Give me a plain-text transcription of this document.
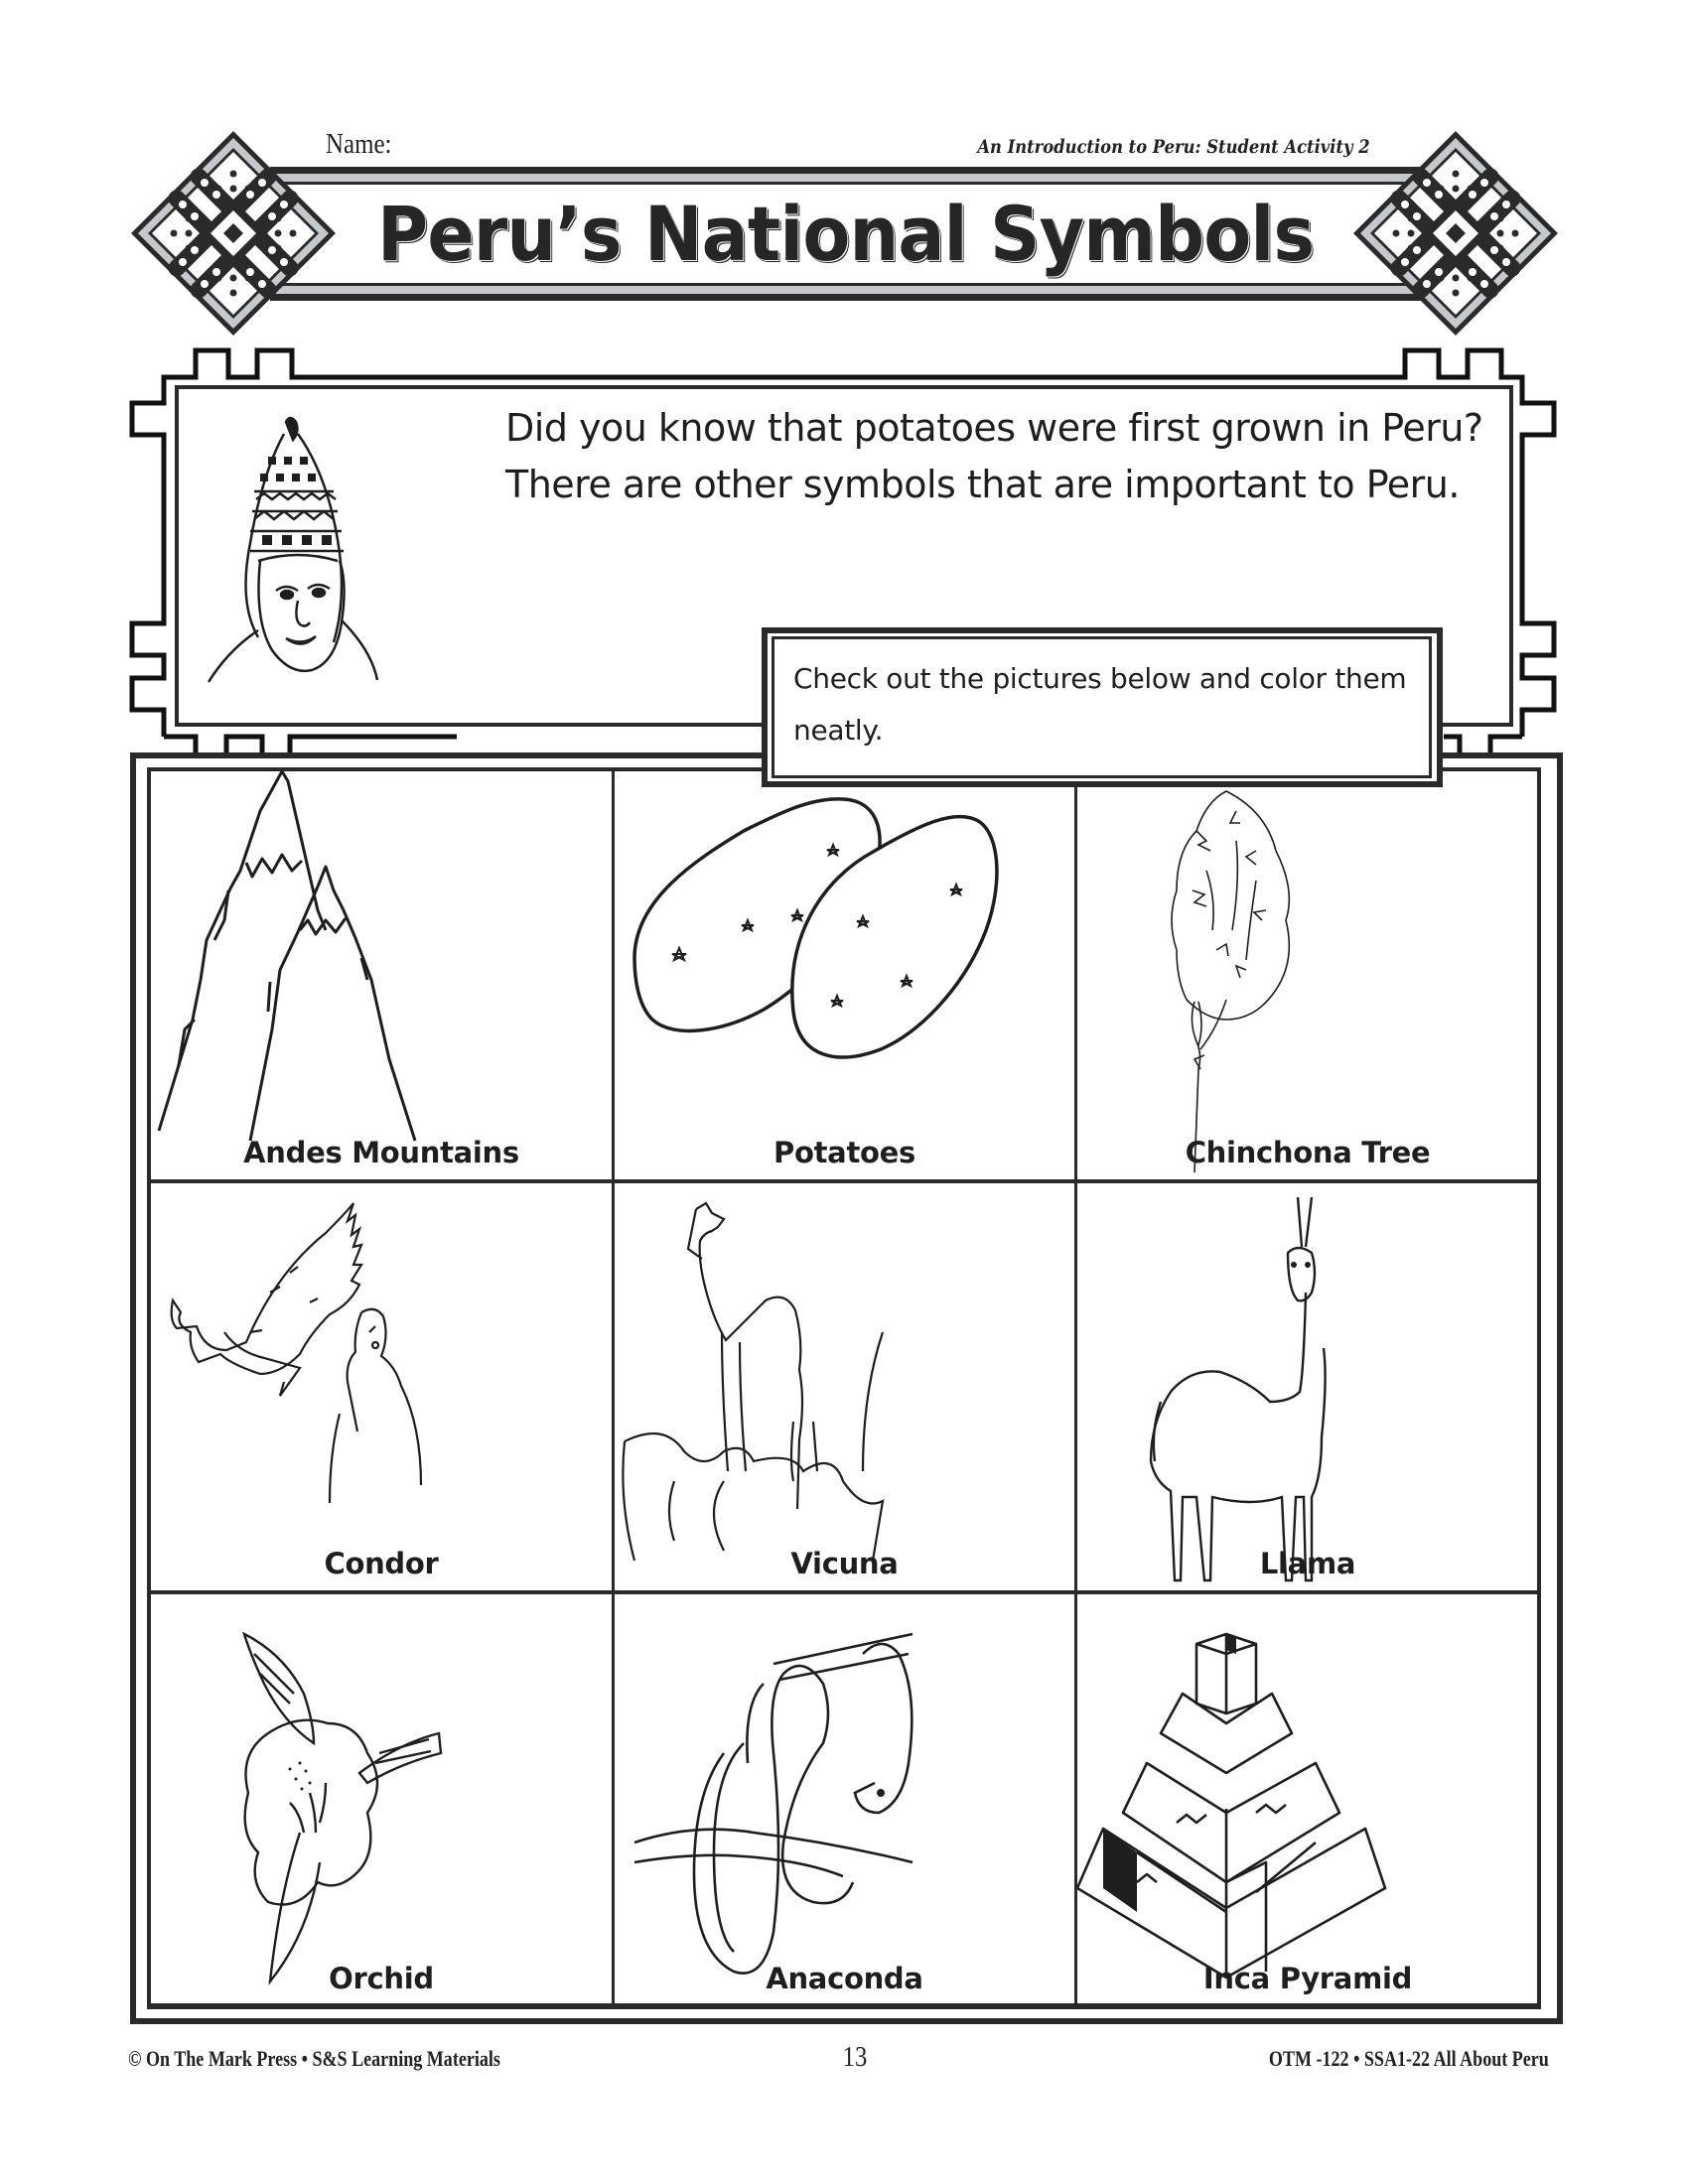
Name:	An Introduction to Peru: Student Activity 2
Peru’s National Symbols

Did you know that potatoes were first grown in Peru?

There are other symbols that are important to Peru.

Andes Mountains	Potatoes	Chinchona Tree
Condor	Vicuna	Llama
Orchid	Anaconda	Inca Pyramid
Check out the pictures below and color them neatly.
© On The Mark Press • S&S Learning Materials	13	OTM -122 • SSA1-22 All About Peru
